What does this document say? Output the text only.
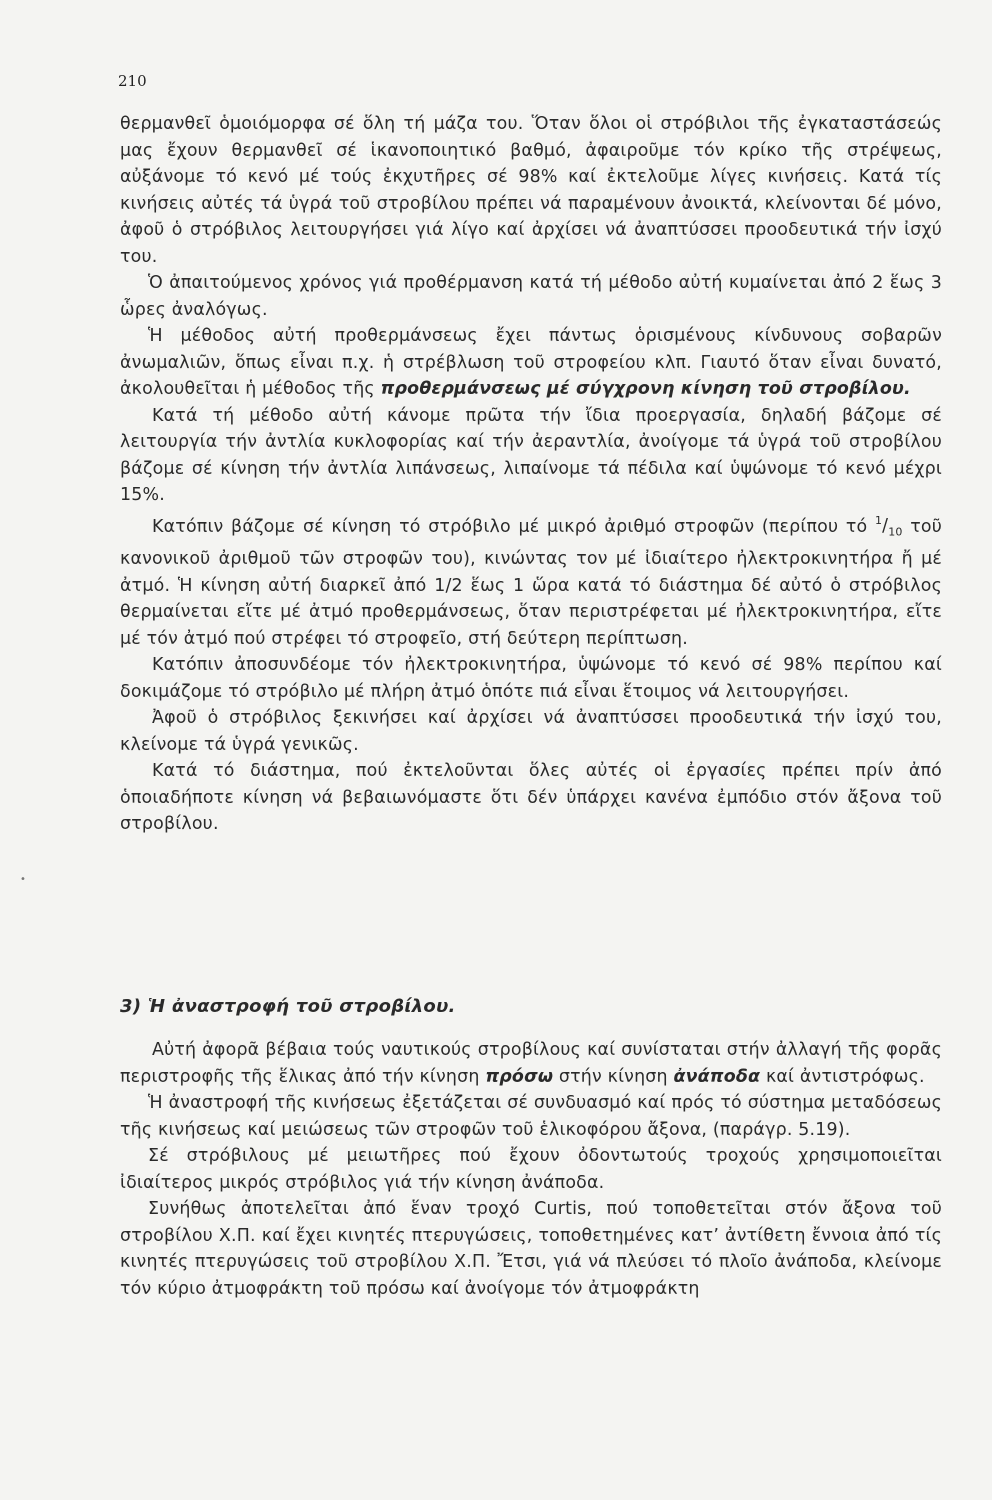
210

θερμανθεῖ ὁμοιόμορφα σέ ὅλη τή μάζα του. Ὅταν ὅλοι οἱ στρόβιλοι τῆς ἐγκαταστάσεώς μας ἔχουν θερμανθεῖ σέ ἱκανοποιητικό βαθμό, ἀφαιροῦμε τόν κρίκο τῆς στρέψεως, αὐξάνομε τό κενό μέ τούς ἐκχυτῆρες σέ 98% καί ἐκτελοῦμε λίγες κινήσεις. Κατά τίς κινήσεις αὐτές τά ὑγρά τοῦ στροβίλου πρέπει νά παραμένουν ἀνοικτά, κλείνονται δέ μόνο, ἀφοῦ ὁ στρόβιλος λειτουργήσει γιά λίγο καί ἀρχίσει νά ἀναπτύσσει προοδευτικά τήν ἰσχύ του.

Ὁ ἀπαιτούμενος χρόνος γιά προθέρμανση κατά τή μέθοδο αὐτή κυμαίνεται ἀπό 2 ἕως 3 ὧρες ἀναλόγως.

Ἡ μέθοδος αὐτή προθερμάνσεως ἔχει πάντως ὁρισμένους κίνδυνους σοβαρῶν ἀνωμαλιῶν, ὅπως εἶναι π.χ. ἡ στρέβλωση τοῦ στροφείου κλπ. Γιαυτό ὅταν εἶναι δυνατό, ἀκολουθεῖται ἡ μέθοδος τῆς προθερμάνσεως μέ σύγχρονη κίνηση τοῦ στροβίλου.

Κατά τή μέθοδο αὐτή κάνομε πρῶτα τήν ἴδια προεργασία, δηλαδή βάζομε σέ λειτουργία τήν ἀντλία κυκλοφορίας καί τήν ἀεραντλία, ἀνοίγομε τά ὑγρά τοῦ στροβίλου βάζομε σέ κίνηση τήν ἀντλία λιπάνσεως, λιπαίνομε τά πέδιλα καί ὑψώνομε τό κενό μέχρι 15%.

Κατόπιν βάζομε σέ κίνηση τό στρόβιλο μέ μικρό ἀριθμό στροφῶν (περίπου τό $^1/_{10}$ τοῦ κανονικοῦ ἀριθμοῦ τῶν στροφῶν του), κινώντας τον μέ ἰδιαίτερο ἠλεκτροκινητήρα ἤ μέ ἀτμό. Ἡ κίνηση αὐτή διαρκεῖ ἀπό 1/2 ἕως 1 ὥρα κατά τό διάστημα δέ αὐτό ὁ στρόβιλος θερμαίνεται εἴτε μέ ἀτμό προθερμάνσεως, ὅταν περιστρέφεται μέ ἠλεκτροκινητήρα, εἴτε μέ τόν ἀτμό πού στρέφει τό στροφεῖο, στή δεύτερη περίπτωση.

Κατόπιν ἀποσυνδέομε τόν ἠλεκτροκινητήρα, ὑψώνομε τό κενό σέ 98% περίπου καί δοκιμάζομε τό στρόβιλο μέ πλήρη ἀτμό ὁπότε πιά εἶναι ἕτοιμος νά λειτουργήσει.

Ἀφοῦ ὁ στρόβιλος ξεκινήσει καί ἀρχίσει νά ἀναπτύσσει προοδευτικά τήν ἰσχύ του, κλείνομε τά ὑγρά γενικῶς.

Κατά τό διάστημα, πού ἐκτελοῦνται ὅλες αὐτές οἱ ἐργασίες πρέπει πρίν ἀπό ὁποιαδήποτε κίνηση νά βεβαιωνόμαστε ὅτι δέν ὑπάρχει κανένα ἐμπόδιο στόν ἄξονα τοῦ στροβίλου.

•
3) Ἡ ἀναστροφή τοῦ στροβίλου.

Αὐτή ἀφορᾶ βέβαια τούς ναυτικούς στροβίλους καί συνίσταται στήν ἀλλαγή τῆς φορᾶς περιστροφῆς τῆς ἕλικας ἀπό τήν κίνηση πρόσω στήν κίνηση ἀνάποδα καί ἀντιστρόφως.

Ἡ ἀναστροφή τῆς κινήσεως ἐξετάζεται σέ συνδυασμό καί πρός τό σύστημα μεταδόσεως τῆς κινήσεως καί μειώσεως τῶν στροφῶν τοῦ ἑλικοφόρου ἄξονα, (παράγρ. 5.19).

Σέ στρόβιλους μέ μειωτῆρες πού ἔχουν ὀδοντωτούς τροχούς χρησιμοποιεῖται ἰδιαίτερος μικρός στρόβιλος γιά τήν κίνηση ἀνάποδα.

Συνήθως ἀποτελεῖται ἀπό ἕναν τροχό Curtis, πού τοποθετεῖται στόν ἄξονα τοῦ στροβίλου Χ.Π. καί ἔχει κινητές πτερυγώσεις, τοποθετημένες κατ’ ἀντίθετη ἔννοια ἀπό τίς κινητές πτερυγώσεις τοῦ στροβίλου Χ.Π. Ἔτσι, γιά νά πλεύσει τό πλοῖο ἀνάποδα, κλείνομε τόν κύριο ἀτμοφράκτη τοῦ πρόσω καί ἀνοίγομε τόν ἀτμοφράκτη
